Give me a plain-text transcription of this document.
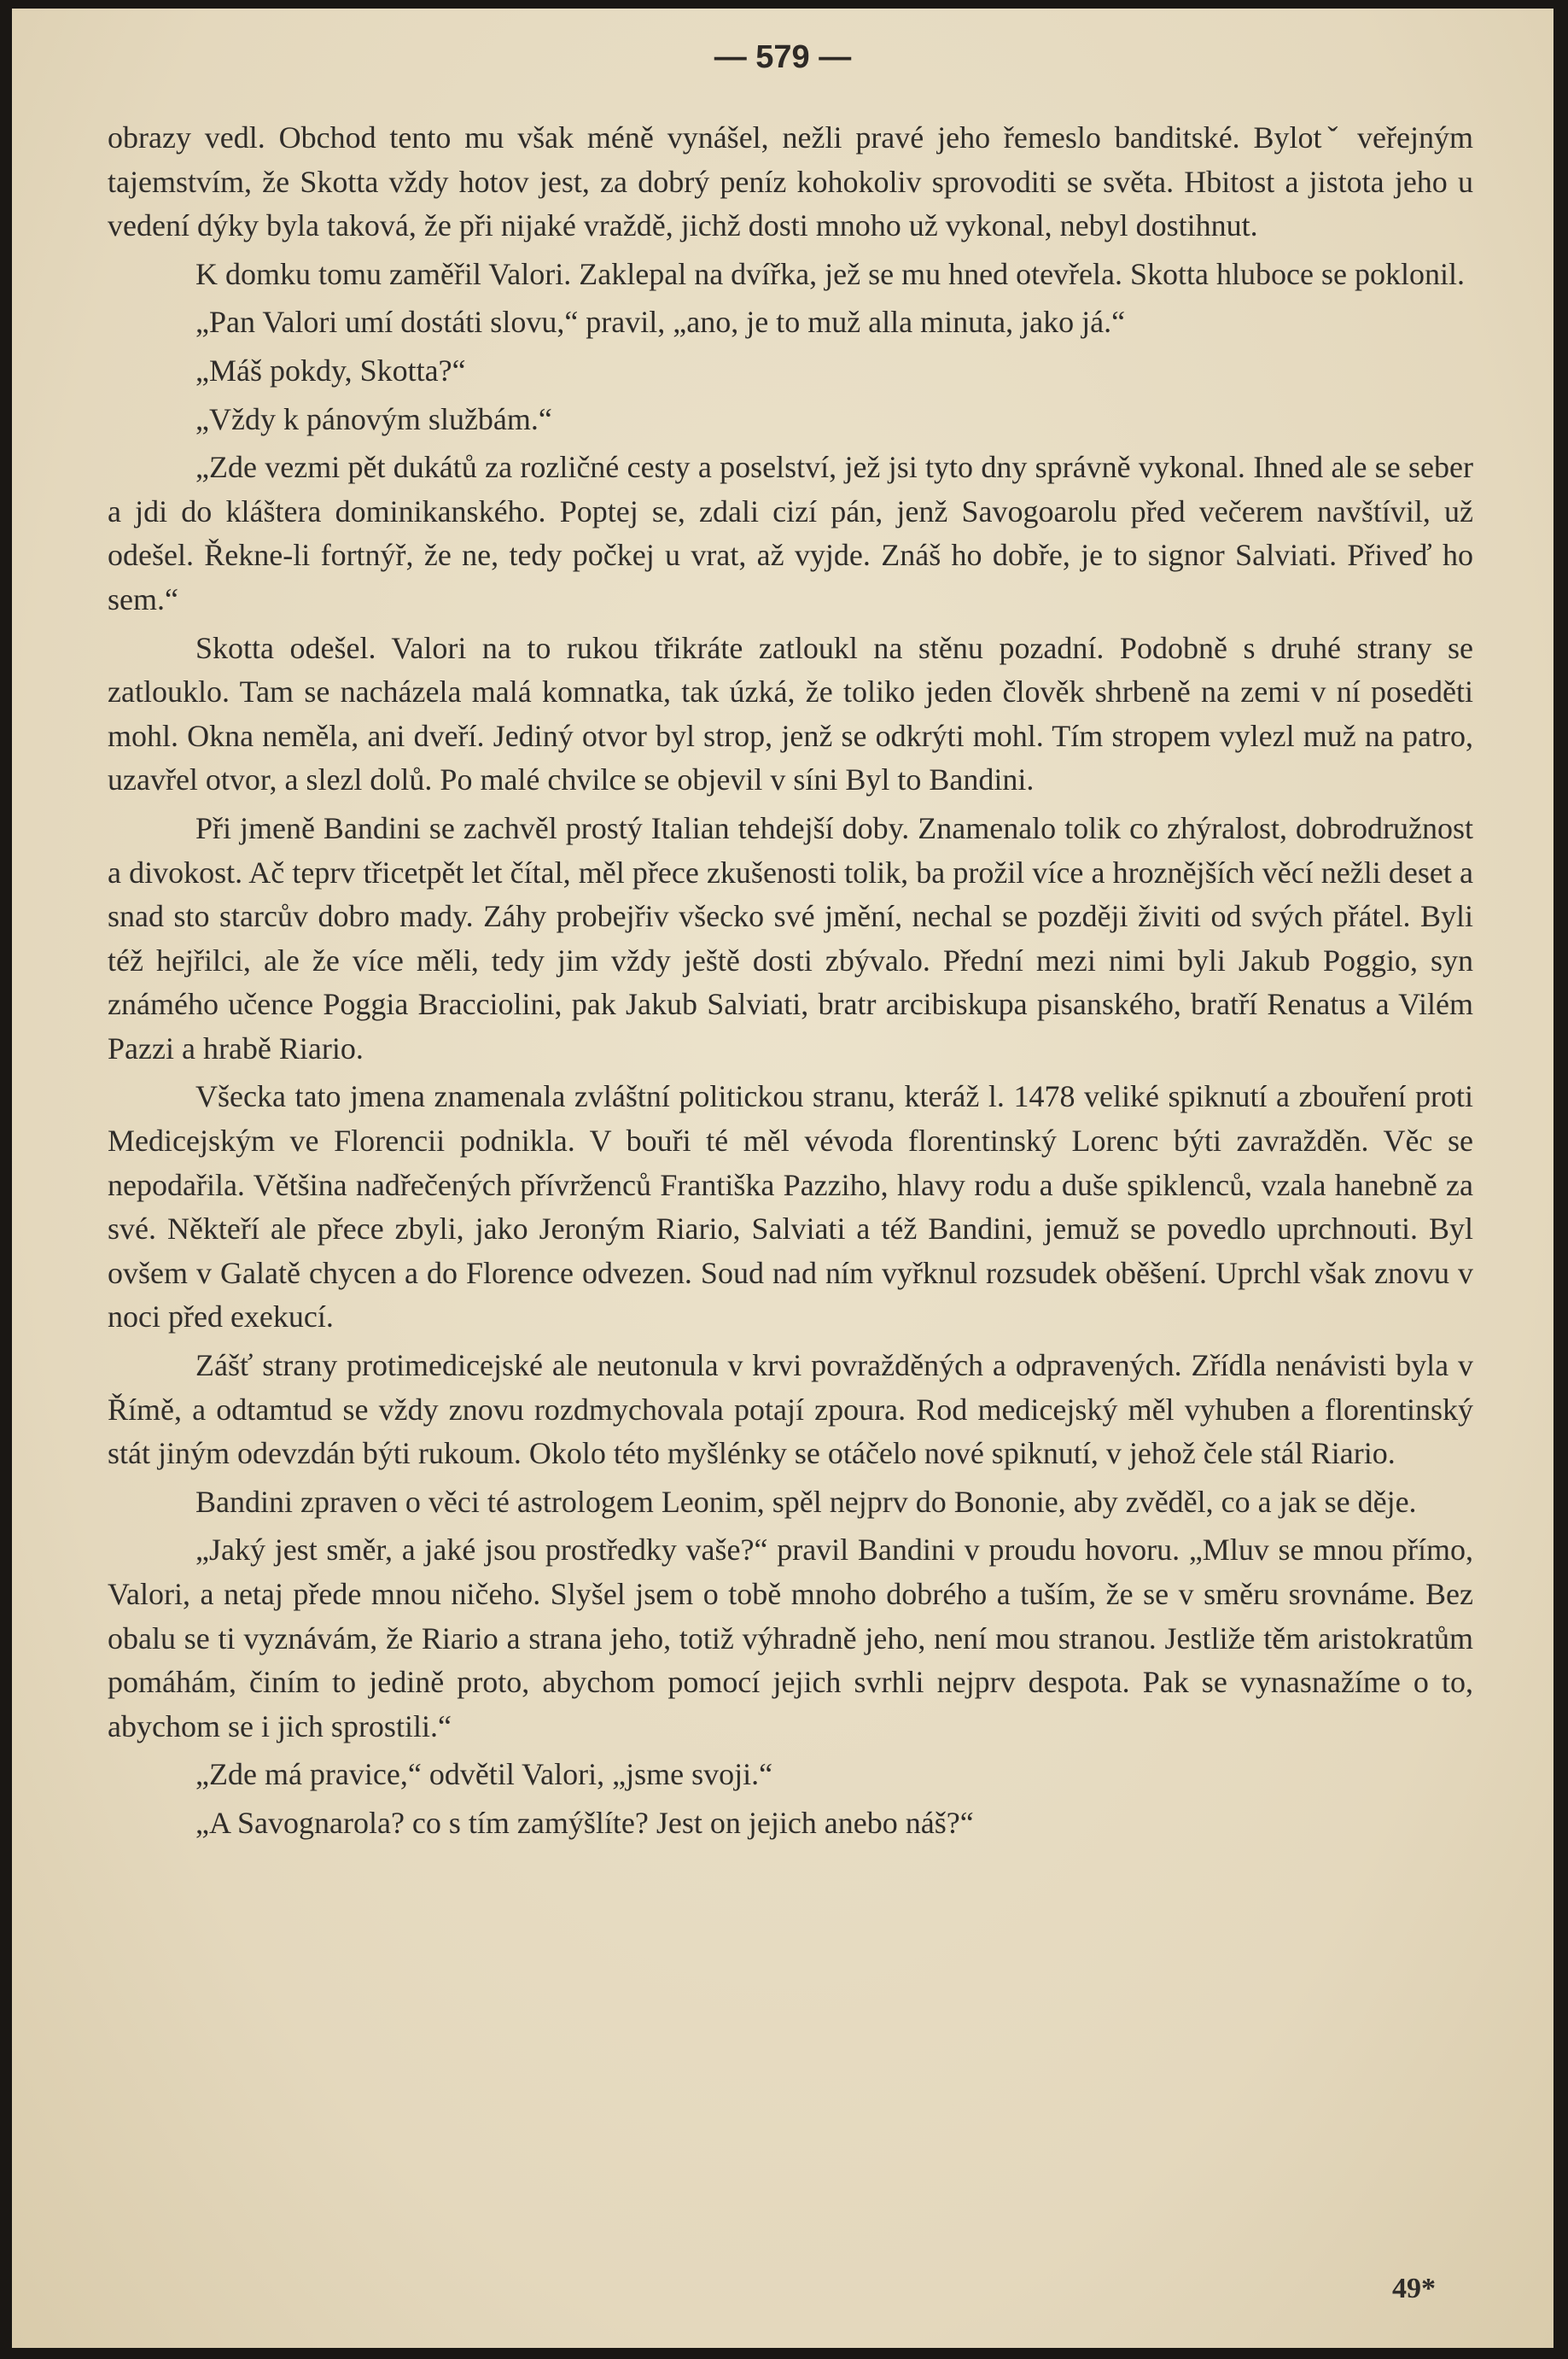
— 579 —

obrazy vedl. Obchod tento mu však méně vynášel, nežli pravé jeho řemeslo banditské. Bylotˇ veřejným tajemstvím, že Skotta vždy hotov jest, za dobrý peníz kohokoliv sprovoditi se světa. Hbitost a jistota jeho u vedení dýky byla taková, že při nijaké vraždě, jichž dosti mnoho už vykonal, nebyl dostihnut.

K domku tomu zaměřil Valori. Zaklepal na dvířka, jež se mu hned otevřela. Skotta hluboce se poklonil.

„Pan Valori umí dostáti slovu,“ pravil, „ano, je to muž alla minuta, jako já.“

„Máš pokdy, Skotta?“

„Vždy k pánovým službám.“

„Zde vezmi pět dukátů za rozličné cesty a poselství, jež jsi tyto dny správně vykonal. Ihned ale se seber a jdi do kláštera dominikanského. Poptej se, zdali cizí pán, jenž Savogoarolu před večerem navštívil, už odešel. Řekne-li fortnýř, že ne, tedy počkej u vrat, až vyjde. Znáš ho dobře, je to signor Salviati. Přiveď ho sem.“

Skotta odešel. Valori na to rukou třikráte zatloukl na stěnu pozadní. Podobně s druhé strany se zatlouklo. Tam se nacházela malá komnatka, tak úzká, že toliko jeden člověk shrbeně na zemi v ní poseděti mohl. Okna neměla, ani dveří. Jediný otvor byl strop, jenž se odkrýti mohl. Tím stropem vylezl muž na patro, uzavřel otvor, a slezl dolů. Po malé chvilce se objevil v síni Byl to Bandini.

Při jmeně Bandini se zachvěl prostý Italian tehdejší doby. Znamenalo tolik co zhýralost, dobrodružnost a divokost. Ač teprv třicetpět let čítal, měl přece zkušenosti tolik, ba prožil více a hroznějších věcí nežli deset a snad sto starcův dobro mady. Záhy probejřiv všecko své jmění, nechal se později živiti od svých přátel. Byli též hejřilci, ale že více měli, tedy jim vždy ještě dosti zbývalo. Přední mezi nimi byli Jakub Poggio, syn známého učence Poggia Bracciolini, pak Jakub Salviati, bratr arcibiskupa pisanského, bratří Renatus a Vilém Pazzi a hrabě Riario.

Všecka tato jmena znamenala zvláštní politickou stranu, kteráž l. 1478 veliké spiknutí a zbouření proti Medicejským ve Florencii podnikla. V bouři té měl vévoda florentinský Lorenc býti zavražděn. Věc se nepodařila. Většina nadřečených přívrženců Františka Pazziho, hlavy rodu a duše spiklenců, vzala hanebně za své. Někteří ale přece zbyli, jako Jeroným Riario, Salviati a též Bandini, jemuž se povedlo uprchnouti. Byl ovšem v Galatě chycen a do Florence odvezen. Soud nad ním vyřknul rozsudek oběšení. Uprchl však znovu v noci před exekucí.

Zášť strany protimedicejské ale neutonula v krvi povražděných a odpravených. Zřídla nenávisti byla v Římě, a odtamtud se vždy znovu rozdmychovala potají zpoura. Rod medicejský měl vyhuben a florentinský stát jiným odevzdán býti rukoum. Okolo této myšlénky se otáčelo nové spiknutí, v jehož čele stál Riario.

Bandini zpraven o věci té astrologem Leonim, spěl nejprv do Bononie, aby zvěděl, co a jak se děje.

„Jaký jest směr, a jaké jsou prostředky vaše?“ pravil Bandini v proudu hovoru. „Mluv se mnou přímo, Valori, a netaj přede mnou ničeho. Slyšel jsem o tobě mnoho dobrého a tuším, že se v směru srovnáme. Bez obalu se ti vyznávám, že Riario a strana jeho, totiž výhradně jeho, není mou stranou. Jestliže těm aristokratům pomáhám, činím to jedině proto, abychom pomocí jejich svrhli nejprv despota. Pak se vynasnažíme o to, abychom se i jich sprostili.“

„Zde má pravice,“ odvětil Valori, „jsme svoji.“

„A Savognarola? co s tím zamýšlíte? Jest on jejich anebo náš?“

49*
